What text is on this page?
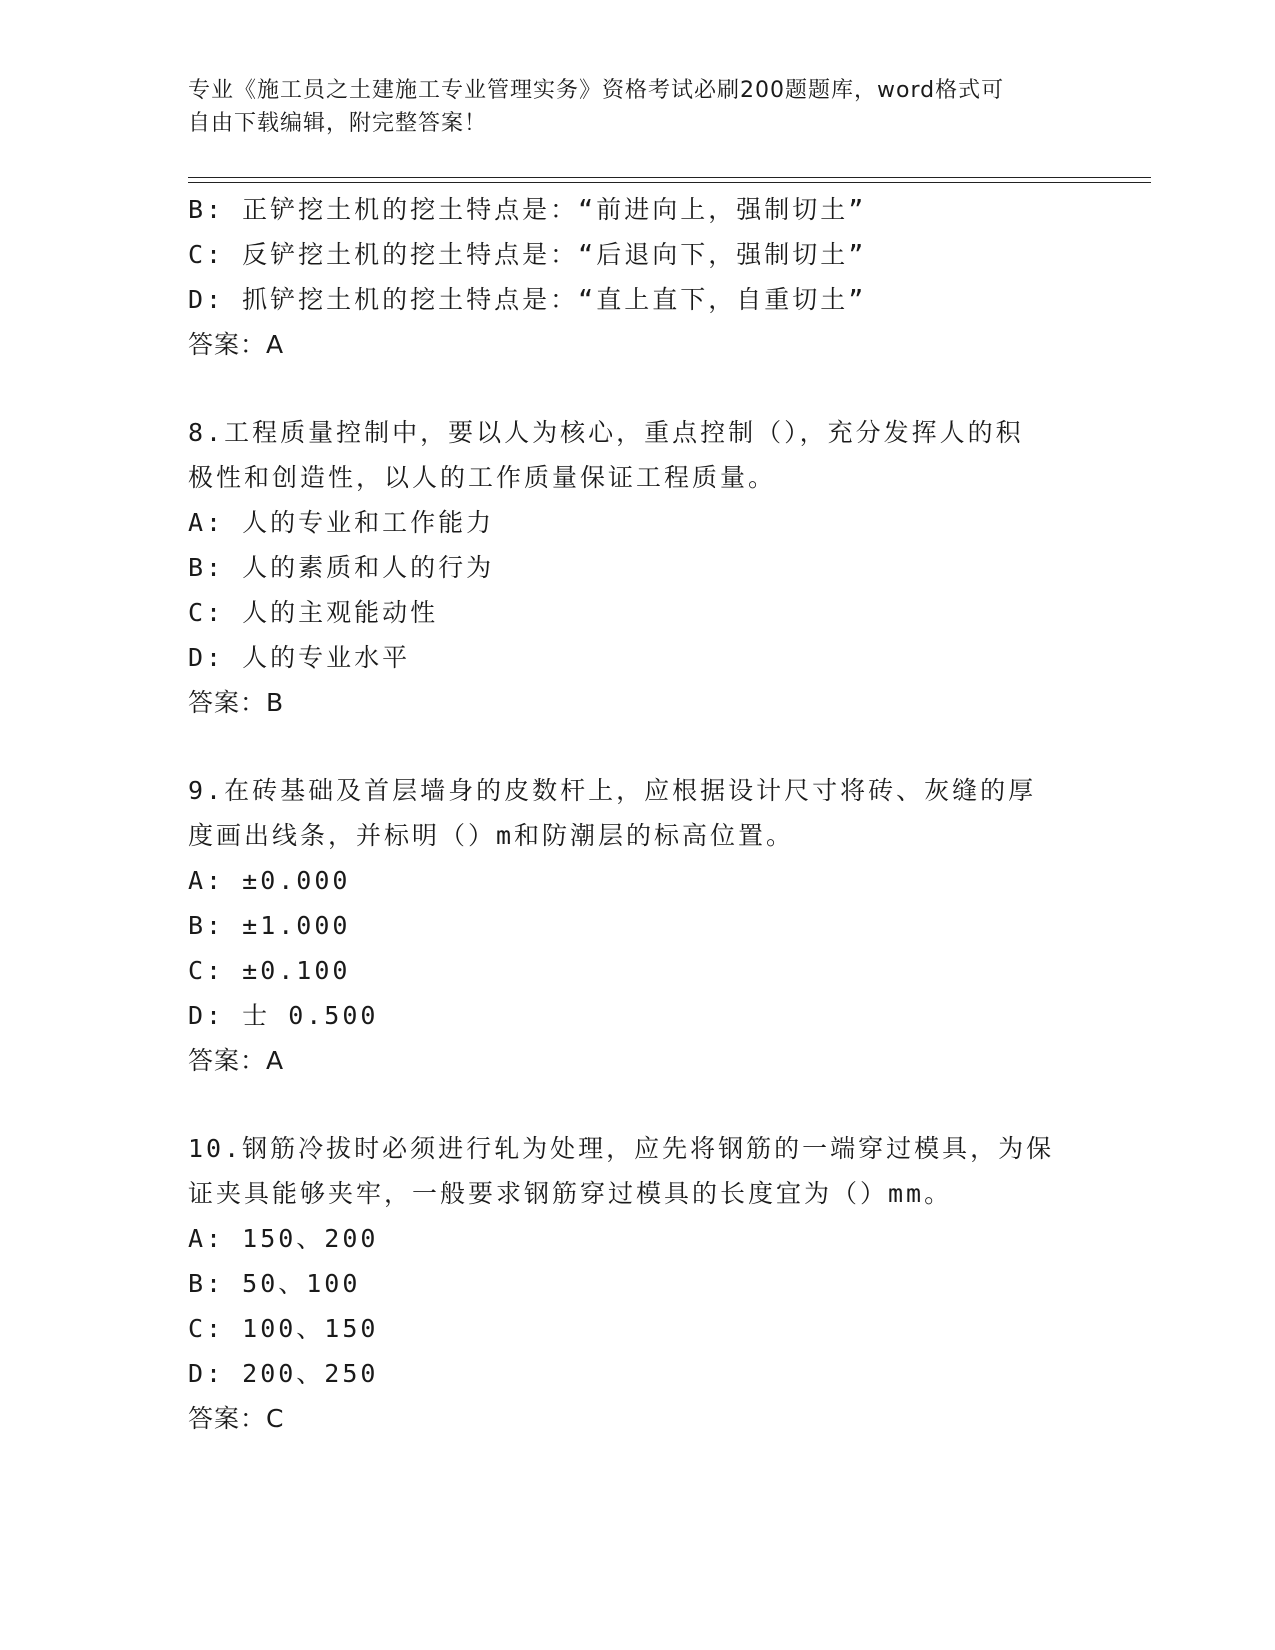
专业《施工员之土建施工专业管理实务》资格考试必刷200题题库，word格式可
自由下载编辑，附完整答案！
B: 正铲挖土机的挖土特点是：“前进向上，强制切土”
C: 反铲挖土机的挖土特点是：“后退向下，强制切土”
D: 抓铲挖土机的挖土特点是：“直上直下，自重切土”
答案：A
8.工程质量控制中，要以人为核心，重点控制（），充分发挥人的积
极性和创造性，以人的工作质量保证工程质量。
A: 人的专业和工作能力
B: 人的素质和人的行为
C: 人的主观能动性
D: 人的专业水平
答案：B
9.在砖基础及首层墙身的皮数杆上，应根据设计尺寸将砖、灰缝的厚
度画出线条，并标明（）m和防潮层的标高位置。
A: ±0.000
B: ±1.000
C: ±0.100
D: 士 0.500
答案：A
10.钢筋冷拔时必须进行轧为处理，应先将钢筋的一端穿过模具，为保
证夹具能够夹牢，一般要求钢筋穿过模具的长度宜为（）mm。
A: 150、200
B: 50、100
C: 100、150
D: 200、250
答案：C
